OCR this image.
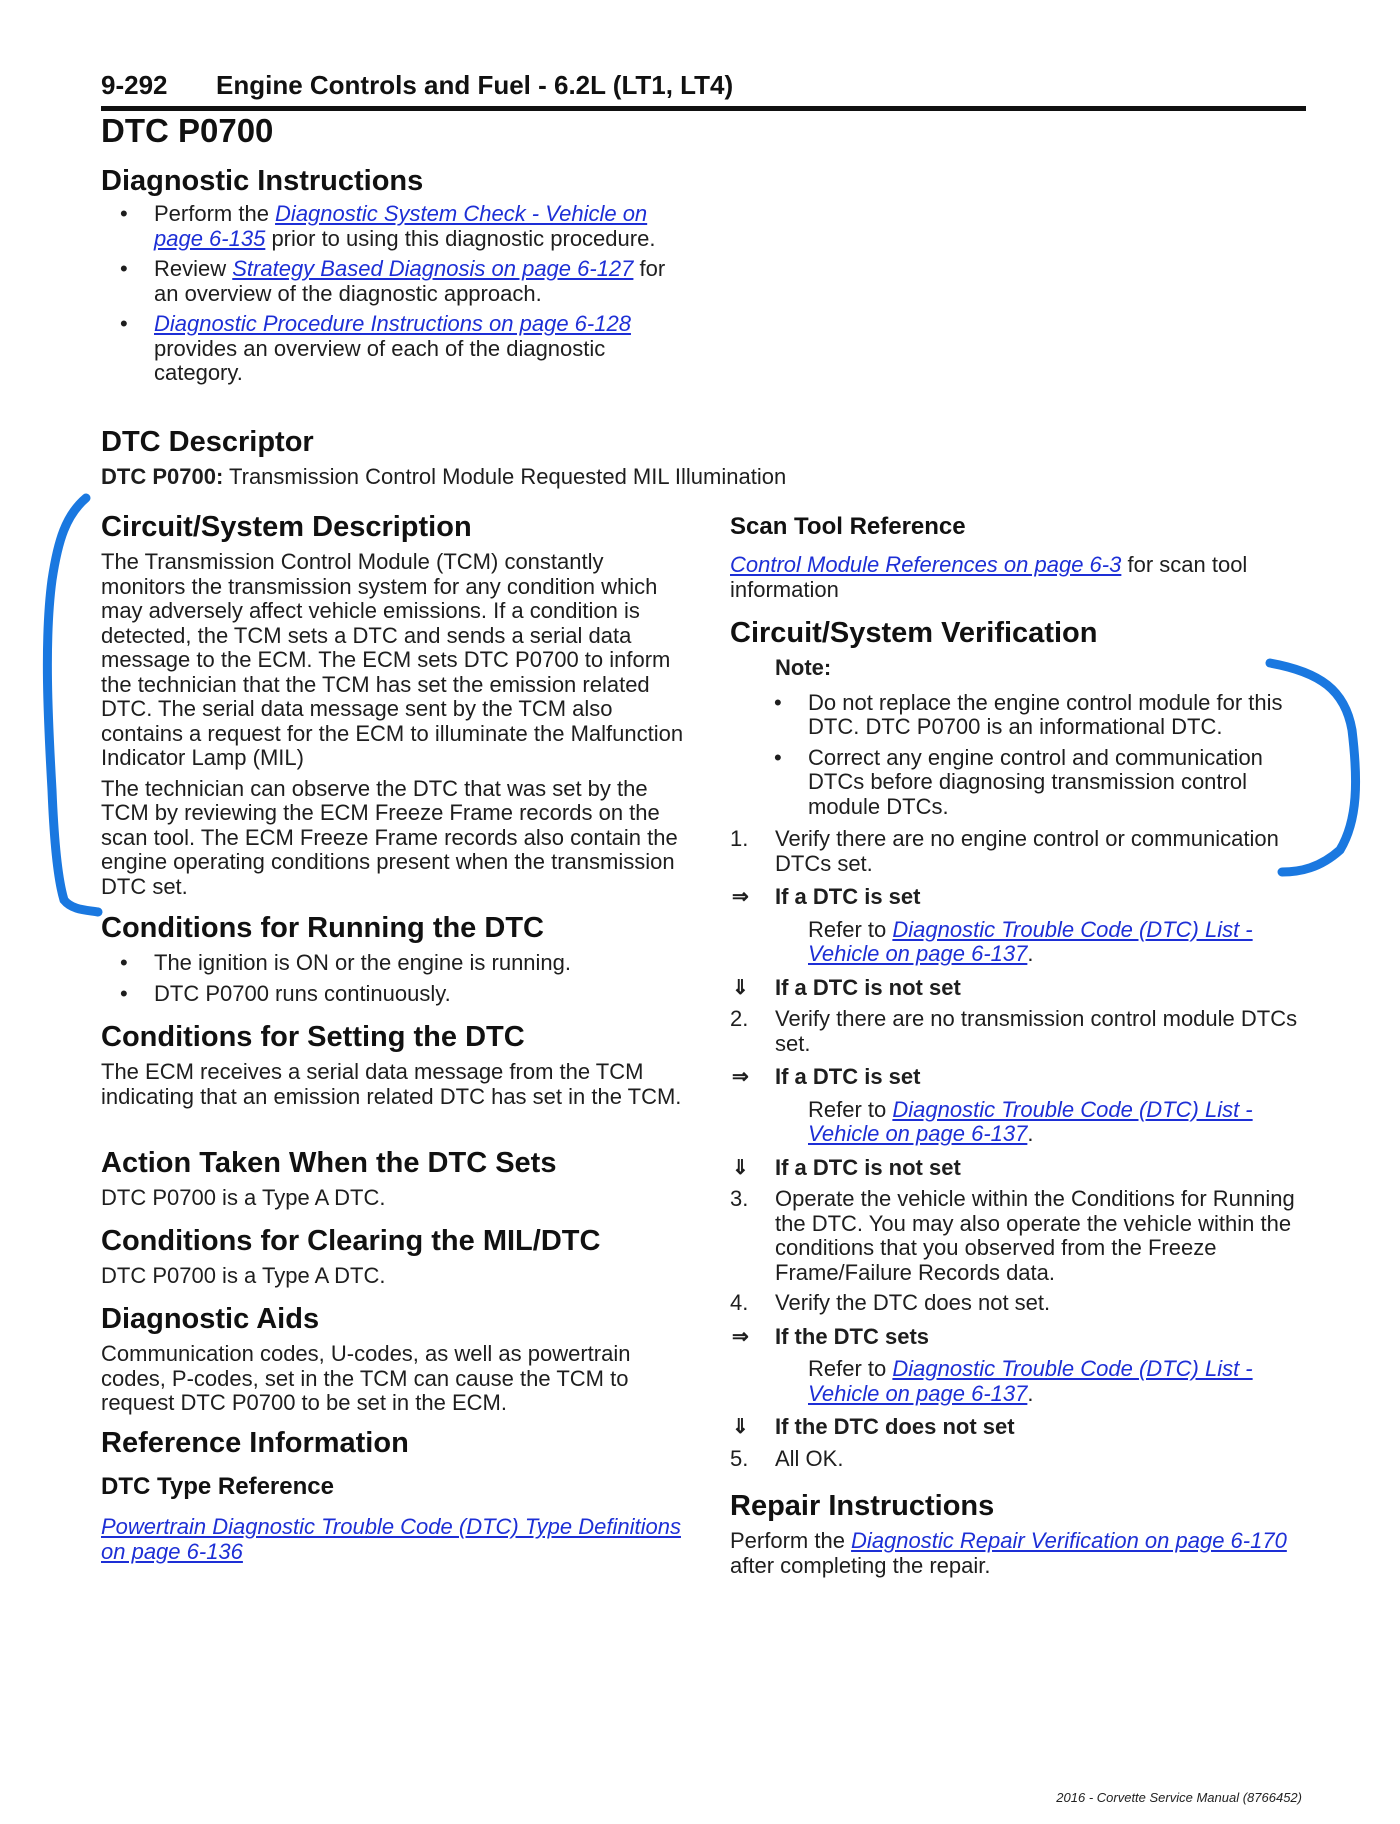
9-292 Engine Controls and Fuel - 6.2L (LT1, LT4)
DTC P0700
Diagnostic Instructions
• Perform the Diagnostic System Check - Vehicle on page 6-135 prior to using this diagnostic procedure.
• Review Strategy Based Diagnosis on page 6-127 for an overview of the diagnostic approach.
• Diagnostic Procedure Instructions on page 6-128 provides an overview of each of the diagnostic category.
DTC Descriptor

DTC P0700: Transmission Control Module Requested MIL Illumination

Circuit/System Description

The Transmission Control Module (TCM) constantly monitors the transmission system for any condition which may adversely affect vehicle emissions. If a condition is detected, the TCM sets a DTC and sends a serial data message to the ECM. The ECM sets DTC P0700 to inform the technician that the TCM has set the emission related DTC. The serial data message sent by the TCM also contains a request for the ECM to illuminate the Malfunction Indicator Lamp (MIL)

The technician can observe the DTC that was set by the TCM by reviewing the ECM Freeze Frame records on the scan tool. The ECM Freeze Frame records also contain the engine operating conditions present when the transmission DTC set.

Conditions for Running the DTC
• The ignition is ON or the engine is running.
• DTC P0700 runs continuously.
Conditions for Setting the DTC

The ECM receives a serial data message from the TCM indicating that an emission related DTC has set in the TCM.

Action Taken When the DTC Sets

DTC P0700 is a Type A DTC.

Conditions for Clearing the MIL/DTC

DTC P0700 is a Type A DTC.

Diagnostic Aids

Communication codes, U-codes, as well as powertrain codes, P-codes, set in the TCM can cause the TCM to request DTC P0700 to be set in the ECM.

Reference Information
DTC Type Reference

Powertrain Diagnostic Trouble Code (DTC) Type Definitions on page 6-136

Scan Tool Reference

Control Module References on page 6-3 for scan tool information

Circuit/System Verification
Note:
• Do not replace the engine control module for this DTC. DTC P0700 is an informational DTC.
• Correct any engine control and communication DTCs before diagnosing transmission control module DTCs.
1. Verify there are no engine control or communication DTCs set.
⇒ If a DTC is set
Refer to Diagnostic Trouble Code (DTC) List - Vehicle on page 6-137.
⇓ If a DTC is not set
2. Verify there are no transmission control module DTCs set.
⇒ If a DTC is set
Refer to Diagnostic Trouble Code (DTC) List - Vehicle on page 6-137.
⇓ If a DTC is not set
3. Operate the vehicle within the Conditions for Running the DTC. You may also operate the vehicle within the conditions that you observed from the Freeze Frame/Failure Records data.
4. Verify the DTC does not set.
⇒ If the DTC sets
Refer to Diagnostic Trouble Code (DTC) List - Vehicle on page 6-137.
⇓ If the DTC does not set
5. All OK.
Repair Instructions

Perform the Diagnostic Repair Verification on page 6-170 after completing the repair.

2016 - Corvette Service Manual (8766452)
